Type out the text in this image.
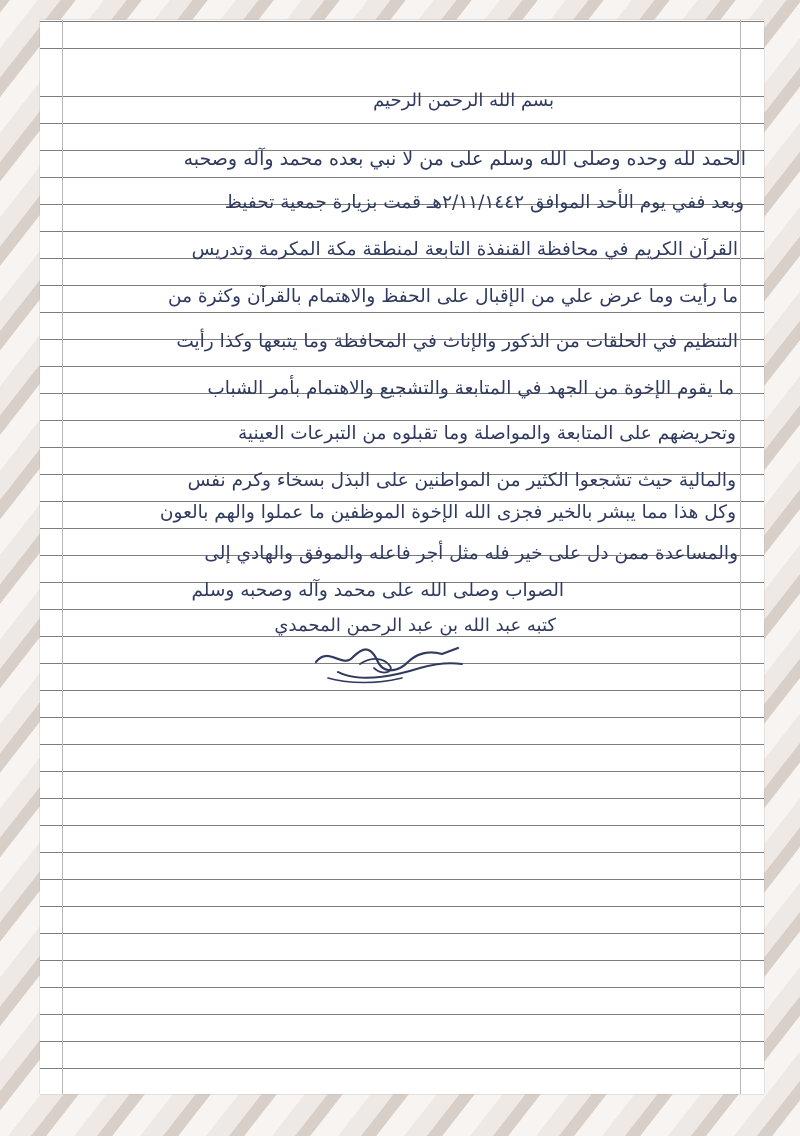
بسم الله الرحمن الرحيم
الحمد لله وحده وصلى الله وسلم على من لا نبي بعده محمد وآله وصحبه
وبعد ففي يوم الأحد الموافق ٢/١١/١٤٤٢هـ قمت بزيارة جمعية تحفيظ
القرآن الكريم في محافظة القنفذة التابعة لمنطقة مكة المكرمة وتدريس
ما رأيت وما عرض علي من الإقبال على الحفظ والاهتمام بالقرآن وكثرة من
التنظيم في الحلقات من الذكور والإناث في المحافظة وما يتبعها وكذا رأيت
ما يقوم الإخوة من الجهد في المتابعة والتشجيع والاهتمام بأمر الشباب
وتحريضهم على المتابعة والمواصلة وما تقبلوه من التبرعات العينية
والمالية حيث تشجعوا الكثير من المواطنين على البذل بسخاء وكرم نفس
وكل هذا مما يبشر بالخير فجزى الله الإخوة الموظفين ما عملوا والهم بالعون
والمساعدة ممن دل على خير فله مثل أجر فاعله والموفق والهادي إلى
الصواب وصلى الله على محمد وآله وصحبه وسلم
كتبه عبد الله بن عبد الرحمن المحمدي
